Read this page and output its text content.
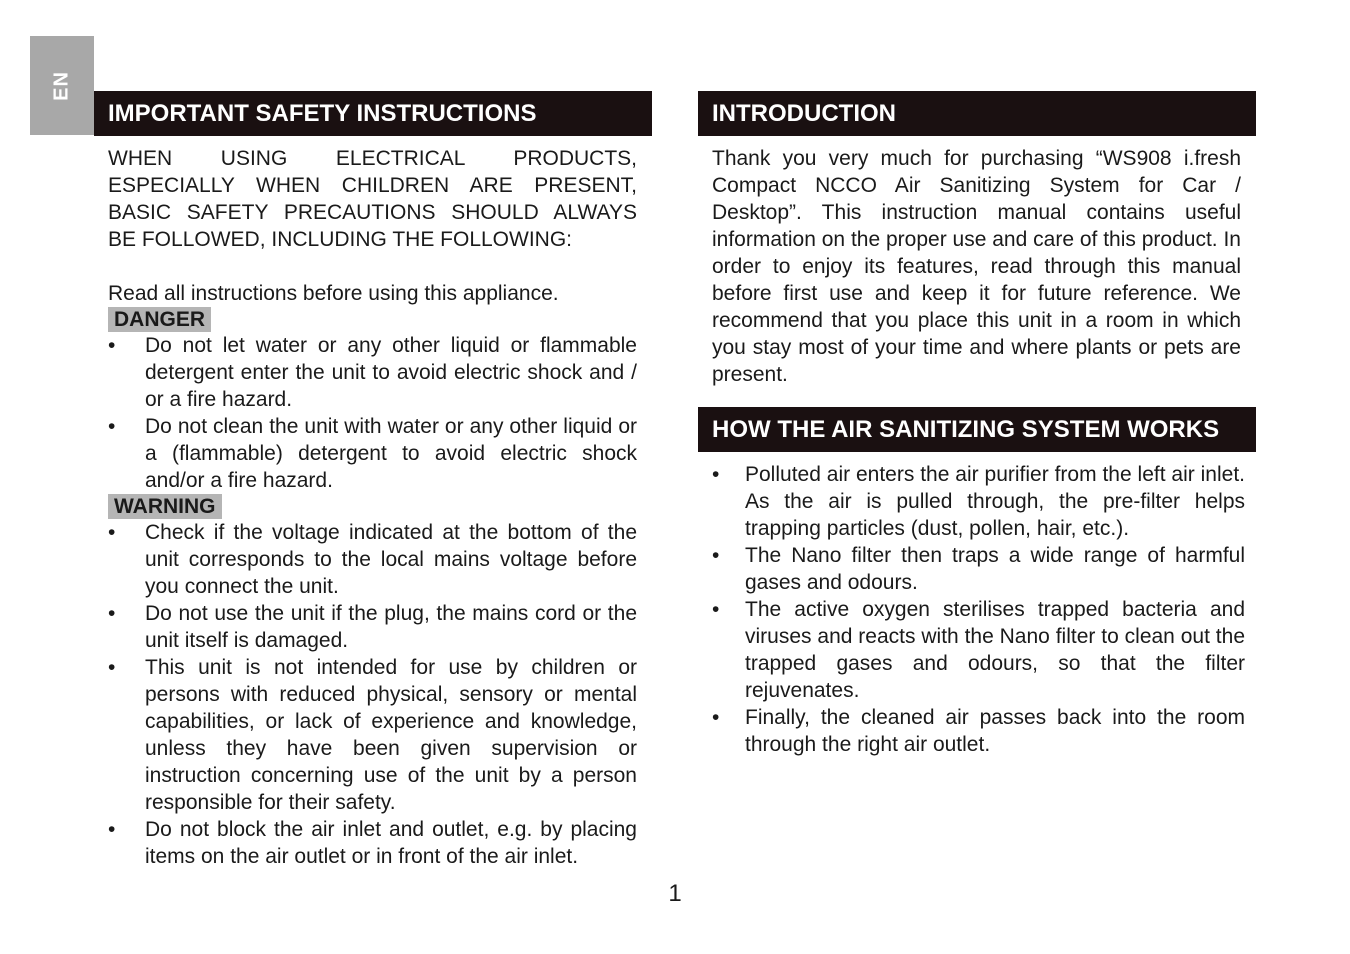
EN
IMPORTANT SAFETY INSTRUCTIONS
WHEN USING ELECTRICAL PRODUCTS,
ESPECIALLY WHEN CHILDREN ARE PRESENT,
BASIC SAFETY PRECAUTIONS SHOULD ALWAYS
BE FOLLOWED, INCLUDING THE FOLLOWING:
Read all instructions before using this appliance.
DANGER
• Do not let water or any other liquid or flammable detergent enter the unit to avoid electric shock and / or a fire hazard.
• Do not clean the unit with water or any other liquid or a (flammable) detergent to avoid electric shock and/or a fire hazard.
WARNING
• Check if the voltage indicated at the bottom of the unit corresponds to the local mains voltage before you connect the unit.
• Do not use the unit if the plug, the mains cord or the unit itself is damaged.
• This unit is not intended for use by children or persons with reduced physical, sensory or mental capabilities, or lack of experience and knowledge, unless they have been given supervision or instruction concerning use of the unit by a person responsible for their safety.
• Do not block the air inlet and outlet, e.g. by placing items on the air outlet or in front of the air inlet.
INTRODUCTION
Thank you very much for purchasing “WS908 i.fresh Compact NCCO Air Sanitizing System for Car / Desktop”. This instruction manual contains useful information on the proper use and care of this product. In order to enjoy its features, read through this manual before first use and keep it for future reference. We recommend that you place this unit in a room in which you stay most of your time and where plants or pets are present.
HOW THE AIR SANITIZING SYSTEM WORKS
• Polluted air enters the air purifier from the left air inlet. As the air is pulled through, the pre-filter helps trapping particles (dust, pollen, hair, etc.).
• The Nano filter then traps a wide range of harmful gases and odours.
• The active oxygen sterilises trapped bacteria and viruses and reacts with the Nano filter to clean out the trapped gases and odours, so that the filter rejuvenates.
• Finally, the cleaned air passes back into the room through the right air outlet.
1
